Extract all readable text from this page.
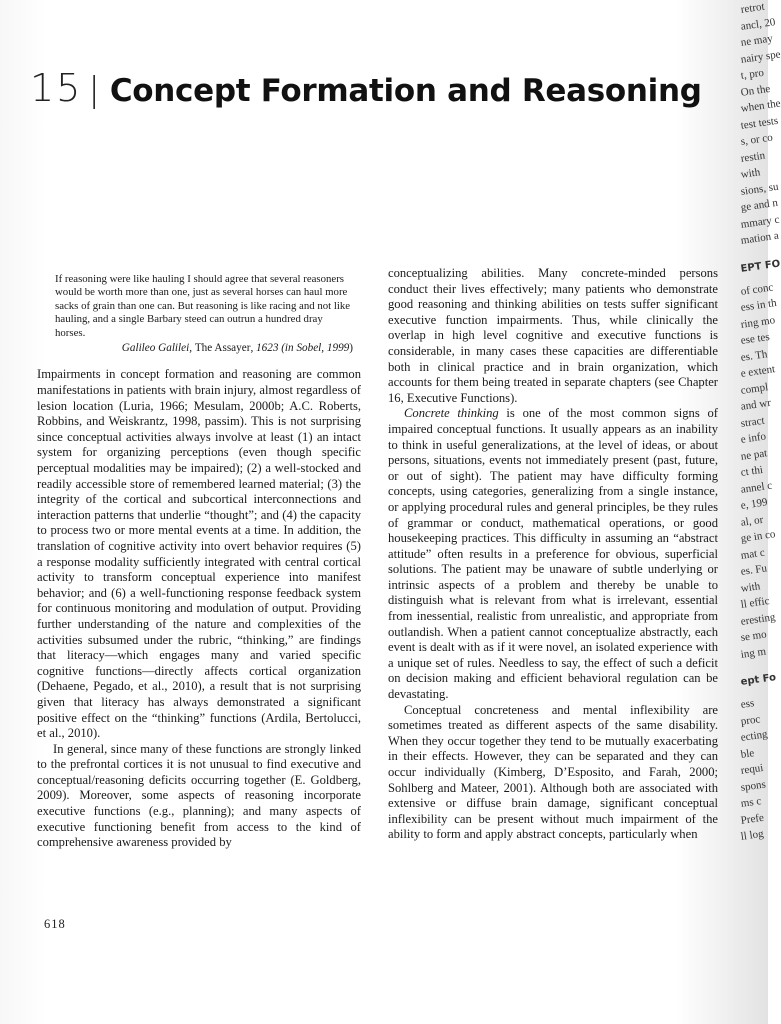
15 | Concept Formation and Reasoning
If reasoning were like hauling I should agree that several reasoners would be worth more than one, just as several horses can haul more sacks of grain than one can. But reasoning is like racing and not like hauling, and a single Barbary steed can outrun a hundred dray horses.
Galileo Galilei, The Assayer, 1623 (in Sobel, 1999)

Impairments in concept formation and reasoning are common manifestations in patients with brain injury, almost regardless of lesion location (Luria, 1966; Mesulam, 2000b; A.C. Roberts, Robbins, and Weiskrantz, 1998, passim). This is not surprising since conceptual activities always involve at least (1) an intact system for organizing perceptions (even though specific perceptual modalities may be impaired); (2) a well-stocked and readily accessible store of remembered learned material; (3) the integrity of the cortical and subcortical interconnections and interaction patterns that underlie “thought”; and (4) the capacity to process two or more mental events at a time. In addition, the translation of cognitive activity into overt behavior requires (5) a response modality sufficiently integrated with central cortical activity to transform conceptual experience into manifest behavior; and (6) a well-functioning response feedback system for continuous monitoring and modulation of output. Providing further understanding of the nature and complexities of the activities subsumed under the rubric, “thinking,” are findings that literacy—which engages many and varied specific cognitive functions—directly affects cortical organization (Dehaene, Pegado, et al., 2010), a result that is not surprising given that literacy has always demonstrated a significant positive effect on the “thinking” functions (Ardila, Bertolucci, et al., 2010).

In general, since many of these functions are strongly linked to the prefrontal cortices it is not unusual to find executive and conceptual/reasoning deficits occurring together (E. Goldberg, 2009). Moreover, some aspects of reasoning incorporate executive functions (e.g., planning); and many aspects of executive functioning benefit from access to the kind of comprehensive awareness provided by

conceptualizing abilities. Many concrete-minded persons conduct their lives effectively; many patients who demonstrate good reasoning and thinking abilities on tests suffer significant executive function impairments. Thus, while clinically the overlap in high level cognitive and executive functions is considerable, in many cases these capacities are differentiable both in clinical practice and in brain organization, which accounts for them being treated in separate chapters (see Chapter 16, Executive Functions).

Concrete thinking is one of the most common signs of impaired conceptual functions. It usually appears as an inability to think in useful generalizations, at the level of ideas, or about persons, situations, events not immediately present (past, future, or out of sight). The patient may have difficulty forming concepts, using categories, generalizing from a single instance, or applying procedural rules and general principles, be they rules of grammar or conduct, mathematical operations, or good housekeeping practices. This difficulty in assuming an “abstract attitude” often results in a preference for obvious, superficial solutions. The patient may be unaware of subtle underlying or intrinsic aspects of a problem and thereby be unable to distinguish what is relevant from what is irrelevant, essential from inessential, realistic from unrealistic, and appropriate from outlandish. When a patient cannot conceptualize abstractly, each event is dealt with as if it were novel, an isolated experience with a unique set of rules. Needless to say, the effect of such a deficit on decision making and efficient behavioral regulation can be devastating.

Conceptual concreteness and mental inflexibility are sometimes treated as different aspects of the same disability. When they occur together they tend to be mutually exacerbating in their effects. However, they can be separated and they can occur individually (Kimberg, D’Esposito, and Farah, 2000; Sohlberg and Mateer, 2001). Although both are associated with extensive or diffuse brain damage, significant conceptual inflexibility can be present without much impairment of the ability to form and apply abstract concepts, particularly when

618
retrot
ancl, 20
ne may
nairy spe
t, pro
On the
when the
test tests
s, or co
restin
with
sions, su
ge and n
mmary c
mation a
EPT FO
of conc
ess in th
ring mo
ese tes
es. Th
e extent
compl
and wr
stract
e info
ne pat
ct thi
annel c
e, 199
al, or
ge in co
mat c
es. Fu
with
ll effic
eresting
se mo
ing m
ept Fo
ess
proc
ecting
ble
requi
spons
ms c
Prefe
ll log
